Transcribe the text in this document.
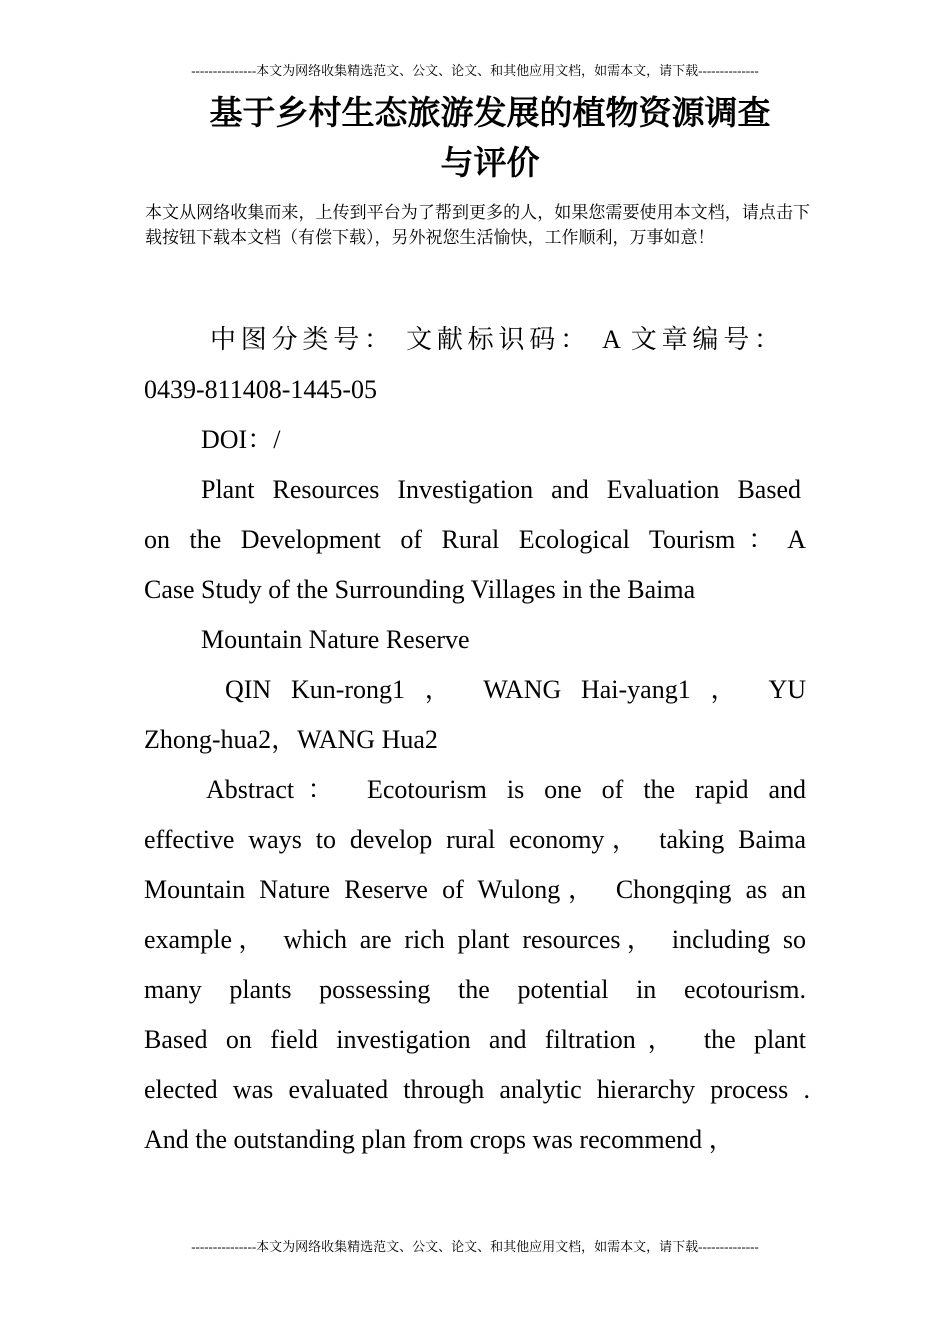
---------------本文为网络收集精选范文、公文、论文、和其他应用文档，如需本文，请下载--------------
基于乡村生态旅游发展的植物资源调查
与评价
本文从网络收集而来，上传到平台为了帮到更多的人，如果您需要使用本文档，请点击下载按钮下载本文档（有偿下载），另外祝您生活愉快，工作顺利，万事如意！
中图分类号： 文献标识码： A 文章编号：
0439-811408-1445-05
DOI：/
Plant Resources Investigation and Evaluation Based
on the Development of Rural Ecological Tourism：A
Case Study of the Surrounding Villages in the Baima
Mountain Nature Reserve
QIN Kun-rong1 ， WANG Hai-yang1 ， YU
Zhong-hua2，WANG Hua2
Abstract： Ecotourism is one of the rapid and
effective ways to develop rural economy， taking Baima
Mountain Nature Reserve of Wulong， Chongqing as an
example， which are rich plant resources， including so
many plants possessing the potential in ecotourism.
Based on field investigation and filtration， the plant
elected was evaluated through analytic hierarchy process .
And the outstanding plan from crops was recommend ，
---------------本文为网络收集精选范文、公文、论文、和其他应用文档，如需本文，请下载--------------
